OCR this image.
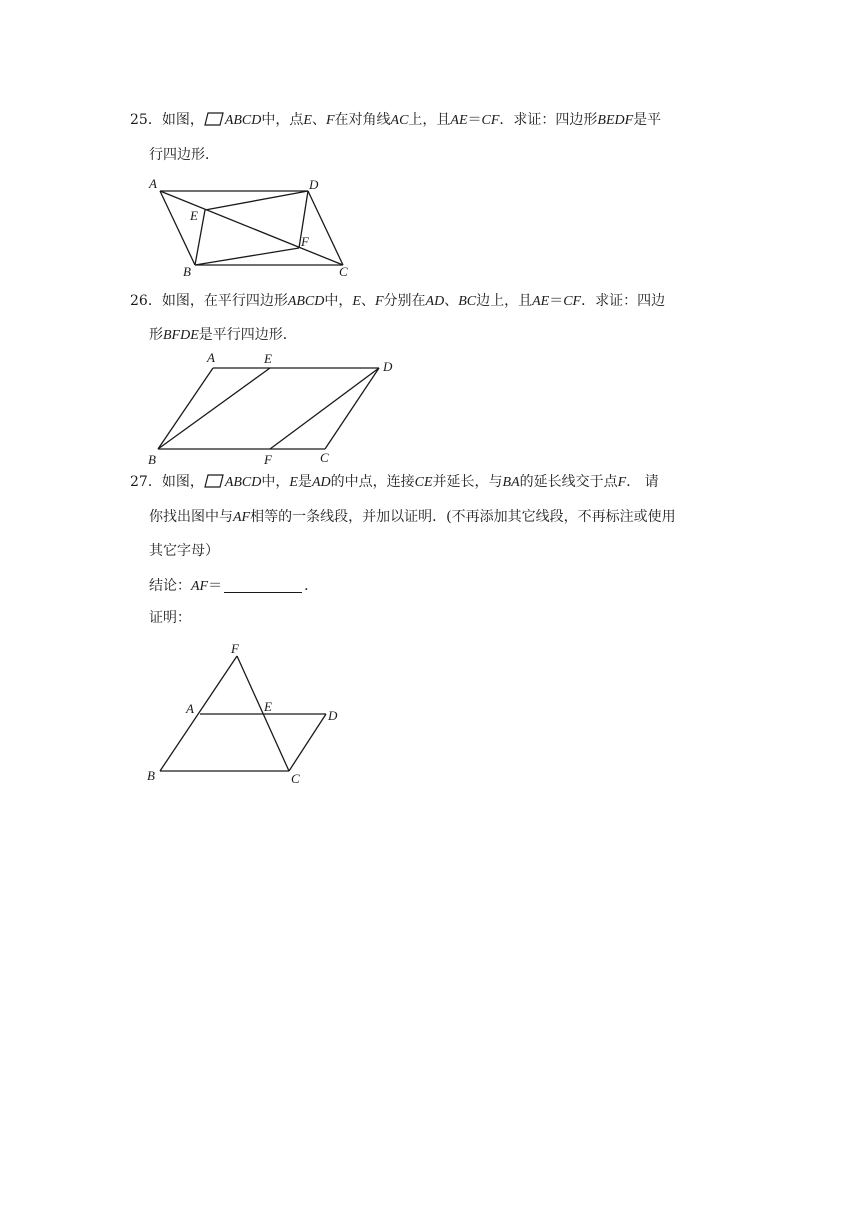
25．如图， ABCD中，点E、F在对角线AC上，且AE＝CF．求证：四边形BEDF是平
行四边形．
A	D
E
F
B	C
26．如图，在平行四边形ABCD中，E、F分别在AD、BC边上，且AE＝CF．求证：四边
形BFDE是平行四边形．
A	E
D
B	F	C
27．如图， ABCD中，E是AD的中点，连接CE并延长，与BA的延长线交于点F． 请
你找出图中与AF相等的一条线段，并加以证明．(不再添加其它线段，不再标注或使用
其它字母）
结论：AF＝	．
证明：
F
A	E
D
B	C
